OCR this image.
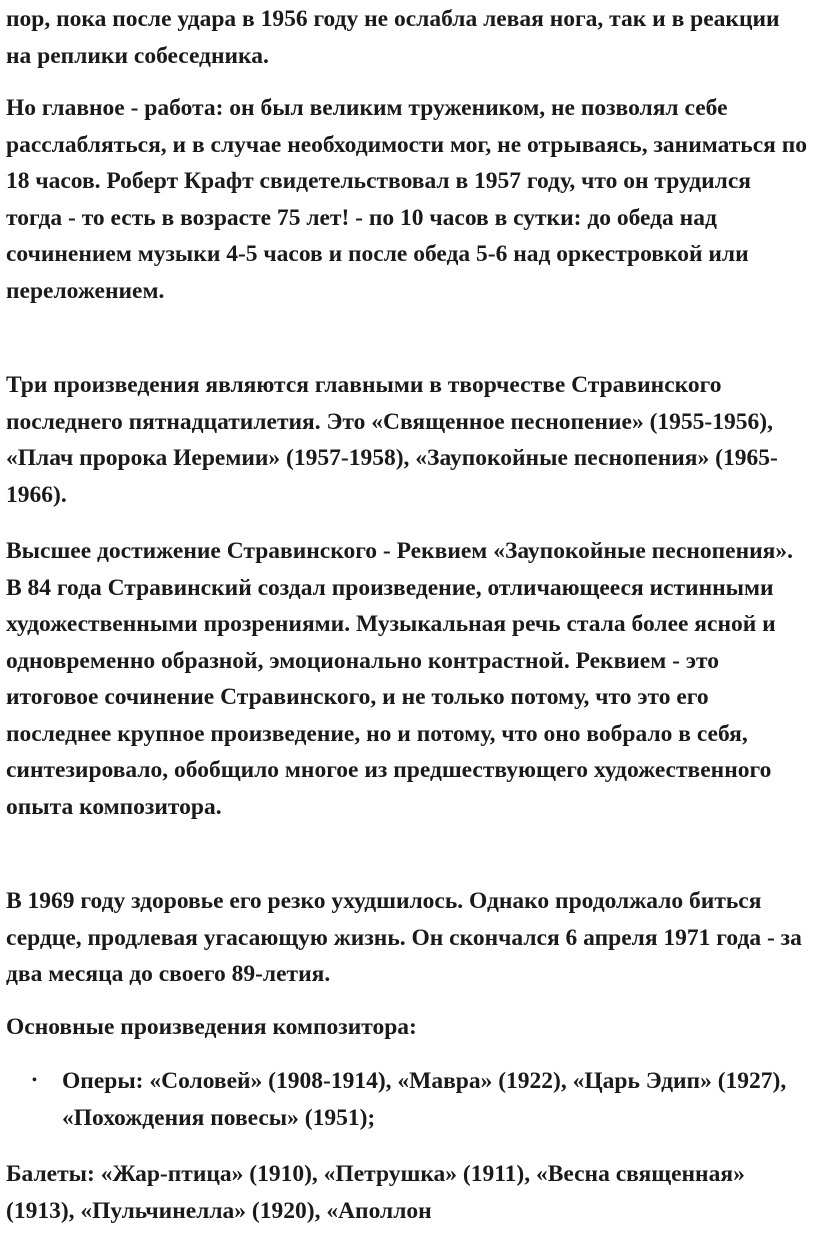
пор, пока после удара в 1956 году не ослабла левая нога, так и в реакции на реплики собеседника.

Но главное - работа: он был великим тружеником, не позволял себе расслабляться, и в случае необходимости мог, не отрываясь, заниматься по 18 часов. Роберт Крафт свидетельствовал в 1957 году, что он трудился тогда - то есть в возрасте 75 лет! - по 10 часов в сутки: до обеда над сочинением музыки 4-5 часов и после обеда 5-6 над оркестровкой или переложением.

Три произведения являются главными в творчестве Стравинского последнего пятнадцатилетия. Это «Священное песнопение» (1955-1956), «Плач пророка Иеремии» (1957-1958), «Заупокойные песнопения» (1965-1966).

Высшее достижение Стравинского - Реквием «Заупокойные песнопения». В 84 года Стравинский создал произведение, отличающееся истинными художественными прозрениями. Музыкальная речь стала более ясной и одновременно образной, эмоционально контрастной. Реквием - это итоговое сочинение Стравинского, и не только потому, что это его последнее крупное произведение, но и потому, что оно вобрало в себя, синтезировало, обобщило многое из предшествующего художественного опыта композитора.

В 1969 году здоровье его резко ухудшилось. Однако продолжало биться сердце, продлевая угасающую жизнь. Он скончался 6 апреля 1971 года - за два месяца до своего 89-летия.

Основные произведения композитора:

• Оперы: «Соловей» (1908-1914), «Мавра» (1922), «Царь Эдип» (1927), «Похождения повесы» (1951);

Балеты: «Жар-птица» (1910), «Петрушка» (1911), «Весна священная» (1913), «Пульчинелла» (1920), «Аполлон
